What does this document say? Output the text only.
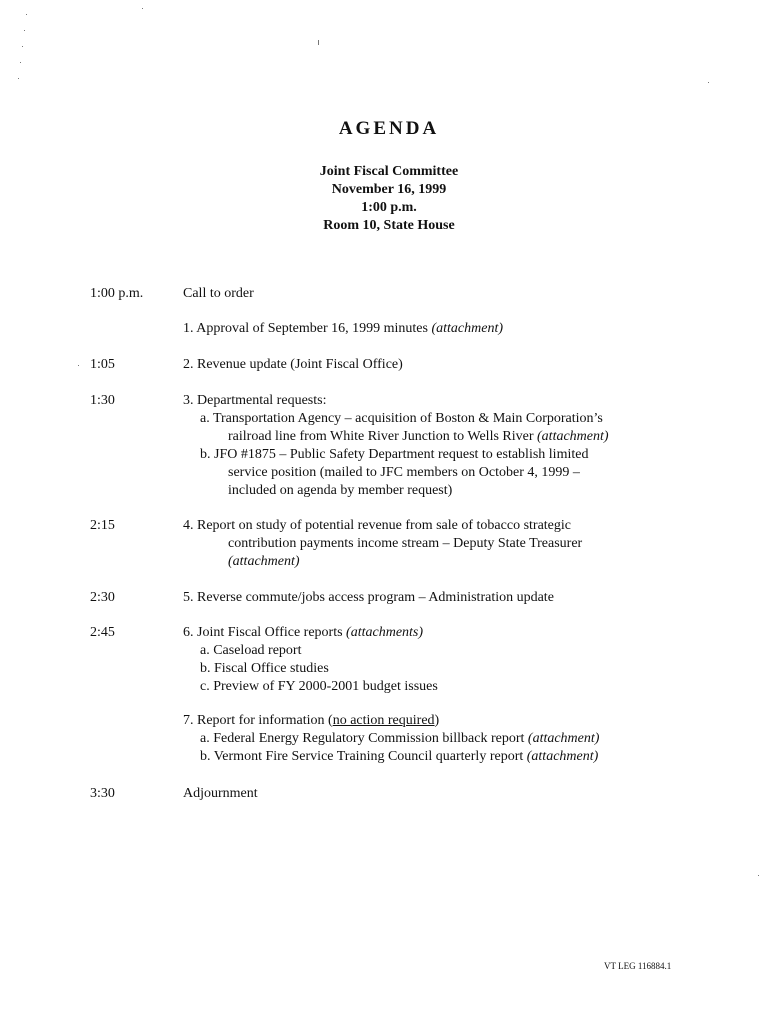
AGENDA
Joint Fiscal Committee
November 16, 1999
1:00 p.m.
Room 10, State House
1:00 p.m.	Call to order
1. Approval of September 16, 1999 minutes (attachment)
1:05	2. Revenue update (Joint Fiscal Office)
1:30	3. Departmental requests:
a. Transportation Agency – acquisition of Boston & Main Corporation’s
railroad line from White River Junction to Wells River (attachment)
b. JFO #1875 – Public Safety Department request to establish limited
service position (mailed to JFC members on October 4, 1999 –
included on agenda by member request)
2:15	4. Report on study of potential revenue from sale of tobacco strategic
contribution payments income stream – Deputy State Treasurer
(attachment)
2:30	5. Reverse commute/jobs access program – Administration update
2:45	6. Joint Fiscal Office reports (attachments)
a. Caseload report
b. Fiscal Office studies
c. Preview of FY 2000-2001 budget issues
7. Report for information (no action required)
a. Federal Energy Regulatory Commission billback report (attachment)
b. Vermont Fire Service Training Council quarterly report (attachment)
3:30	Adjournment
VT LEG 116884.1
